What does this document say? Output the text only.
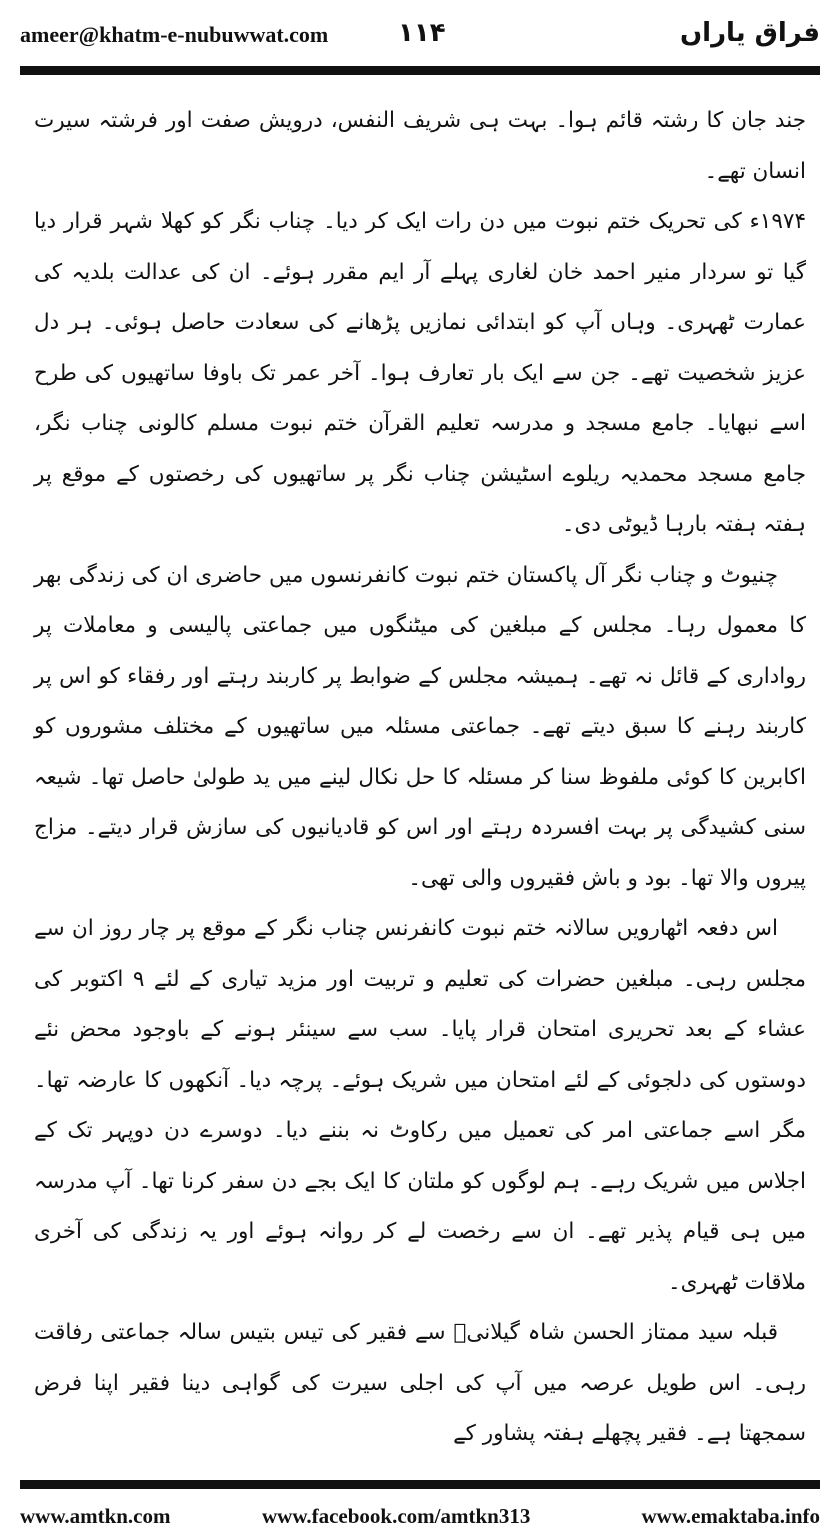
ameer@khatm-e-nubuwwat.com	۱۱۴	فراق یاراں

جند جان کا رشتہ قائم ہوا۔ بہت ہی شریف النفس، درویش صفت اور فرشتہ سیرت انسان تھے۔

۱۹۷۴ء کی تحریک ختم نبوت میں دن رات ایک کر دیا۔ چناب نگر کو کھلا شہر قرار دیا گیا تو سردار منیر احمد خان لغاری پہلے آر ایم مقرر ہوئے۔ ان کی عدالت بلدیہ کی عمارت ٹھہری۔ وہاں آپ کو ابتدائی نمازیں پڑھانے کی سعادت حاصل ہوئی۔ ہر دل عزیز شخصیت تھے۔ جن سے ایک بار تعارف ہوا۔ آخر عمر تک باوفا ساتھیوں کی طرح اسے نبھایا۔ جامع مسجد و مدرسہ تعلیم القرآن ختم نبوت مسلم کالونی چناب نگر، جامع مسجد محمدیہ ریلوے اسٹیشن چناب نگر پر ساتھیوں کی رخصتوں کے موقع پر ہفتہ ہفتہ بارہا ڈیوٹی دی۔

چنیوٹ و چناب نگر آل پاکستان ختم نبوت کانفرنسوں میں حاضری ان کی زندگی بھر کا معمول رہا۔ مجلس کے مبلغین کی میٹنگوں میں جماعتی پالیسی و معاملات پر رواداری کے قائل نہ تھے۔ ہمیشہ مجلس کے ضوابط پر کاربند رہتے اور رفقاء کو اس پر کاربند رہنے کا سبق دیتے تھے۔ جماعتی مسئلہ میں ساتھیوں کے مختلف مشوروں کو اکابرین کا کوئی ملفوظ سنا کر مسئلہ کا حل نکال لینے میں ید طولیٰ حاصل تھا۔ شیعہ سنی کشیدگی پر بہت افسردہ رہتے اور اس کو قادیانیوں کی سازش قرار دیتے۔ مزاج پیروں والا تھا۔ بود و باش فقیروں والی تھی۔

اس دفعہ اٹھارویں سالانہ ختم نبوت کانفرنس چناب نگر کے موقع پر چار روز ان سے مجلس رہی۔ مبلغین حضرات کی تعلیم و تربیت اور مزید تیاری کے لئے ۹ اکتوبر کی عشاء کے بعد تحریری امتحان قرار پایا۔ سب سے سینئر ہونے کے باوجود محض نئے دوستوں کی دلجوئی کے لئے امتحان میں شریک ہوئے۔ پرچہ دیا۔ آنکھوں کا عارضہ تھا۔ مگر اسے جماعتی امر کی تعمیل میں رکاوٹ نہ بننے دیا۔ دوسرے دن دوپہر تک کے اجلاس میں شریک رہے۔ ہم لوگوں کو ملتان کا ایک بجے دن سفر کرنا تھا۔ آپ مدرسہ میں ہی قیام پذیر تھے۔ ان سے رخصت لے کر روانہ ہوئے اور یہ زندگی کی آخری ملاقات ٹھہری۔

قبلہ سید ممتاز الحسن شاہ گیلانیؒ سے فقیر کی تیس بتیس سالہ جماعتی رفاقت رہی۔ اس طویل عرصہ میں آپ کی اجلی سیرت کی گواہی دینا فقیر اپنا فرض سمجھتا ہے۔ فقیر پچھلے ہفتہ پشاور کے

www.amtkn.com	www.facebook.com/amtkn313	www.emaktaba.info
